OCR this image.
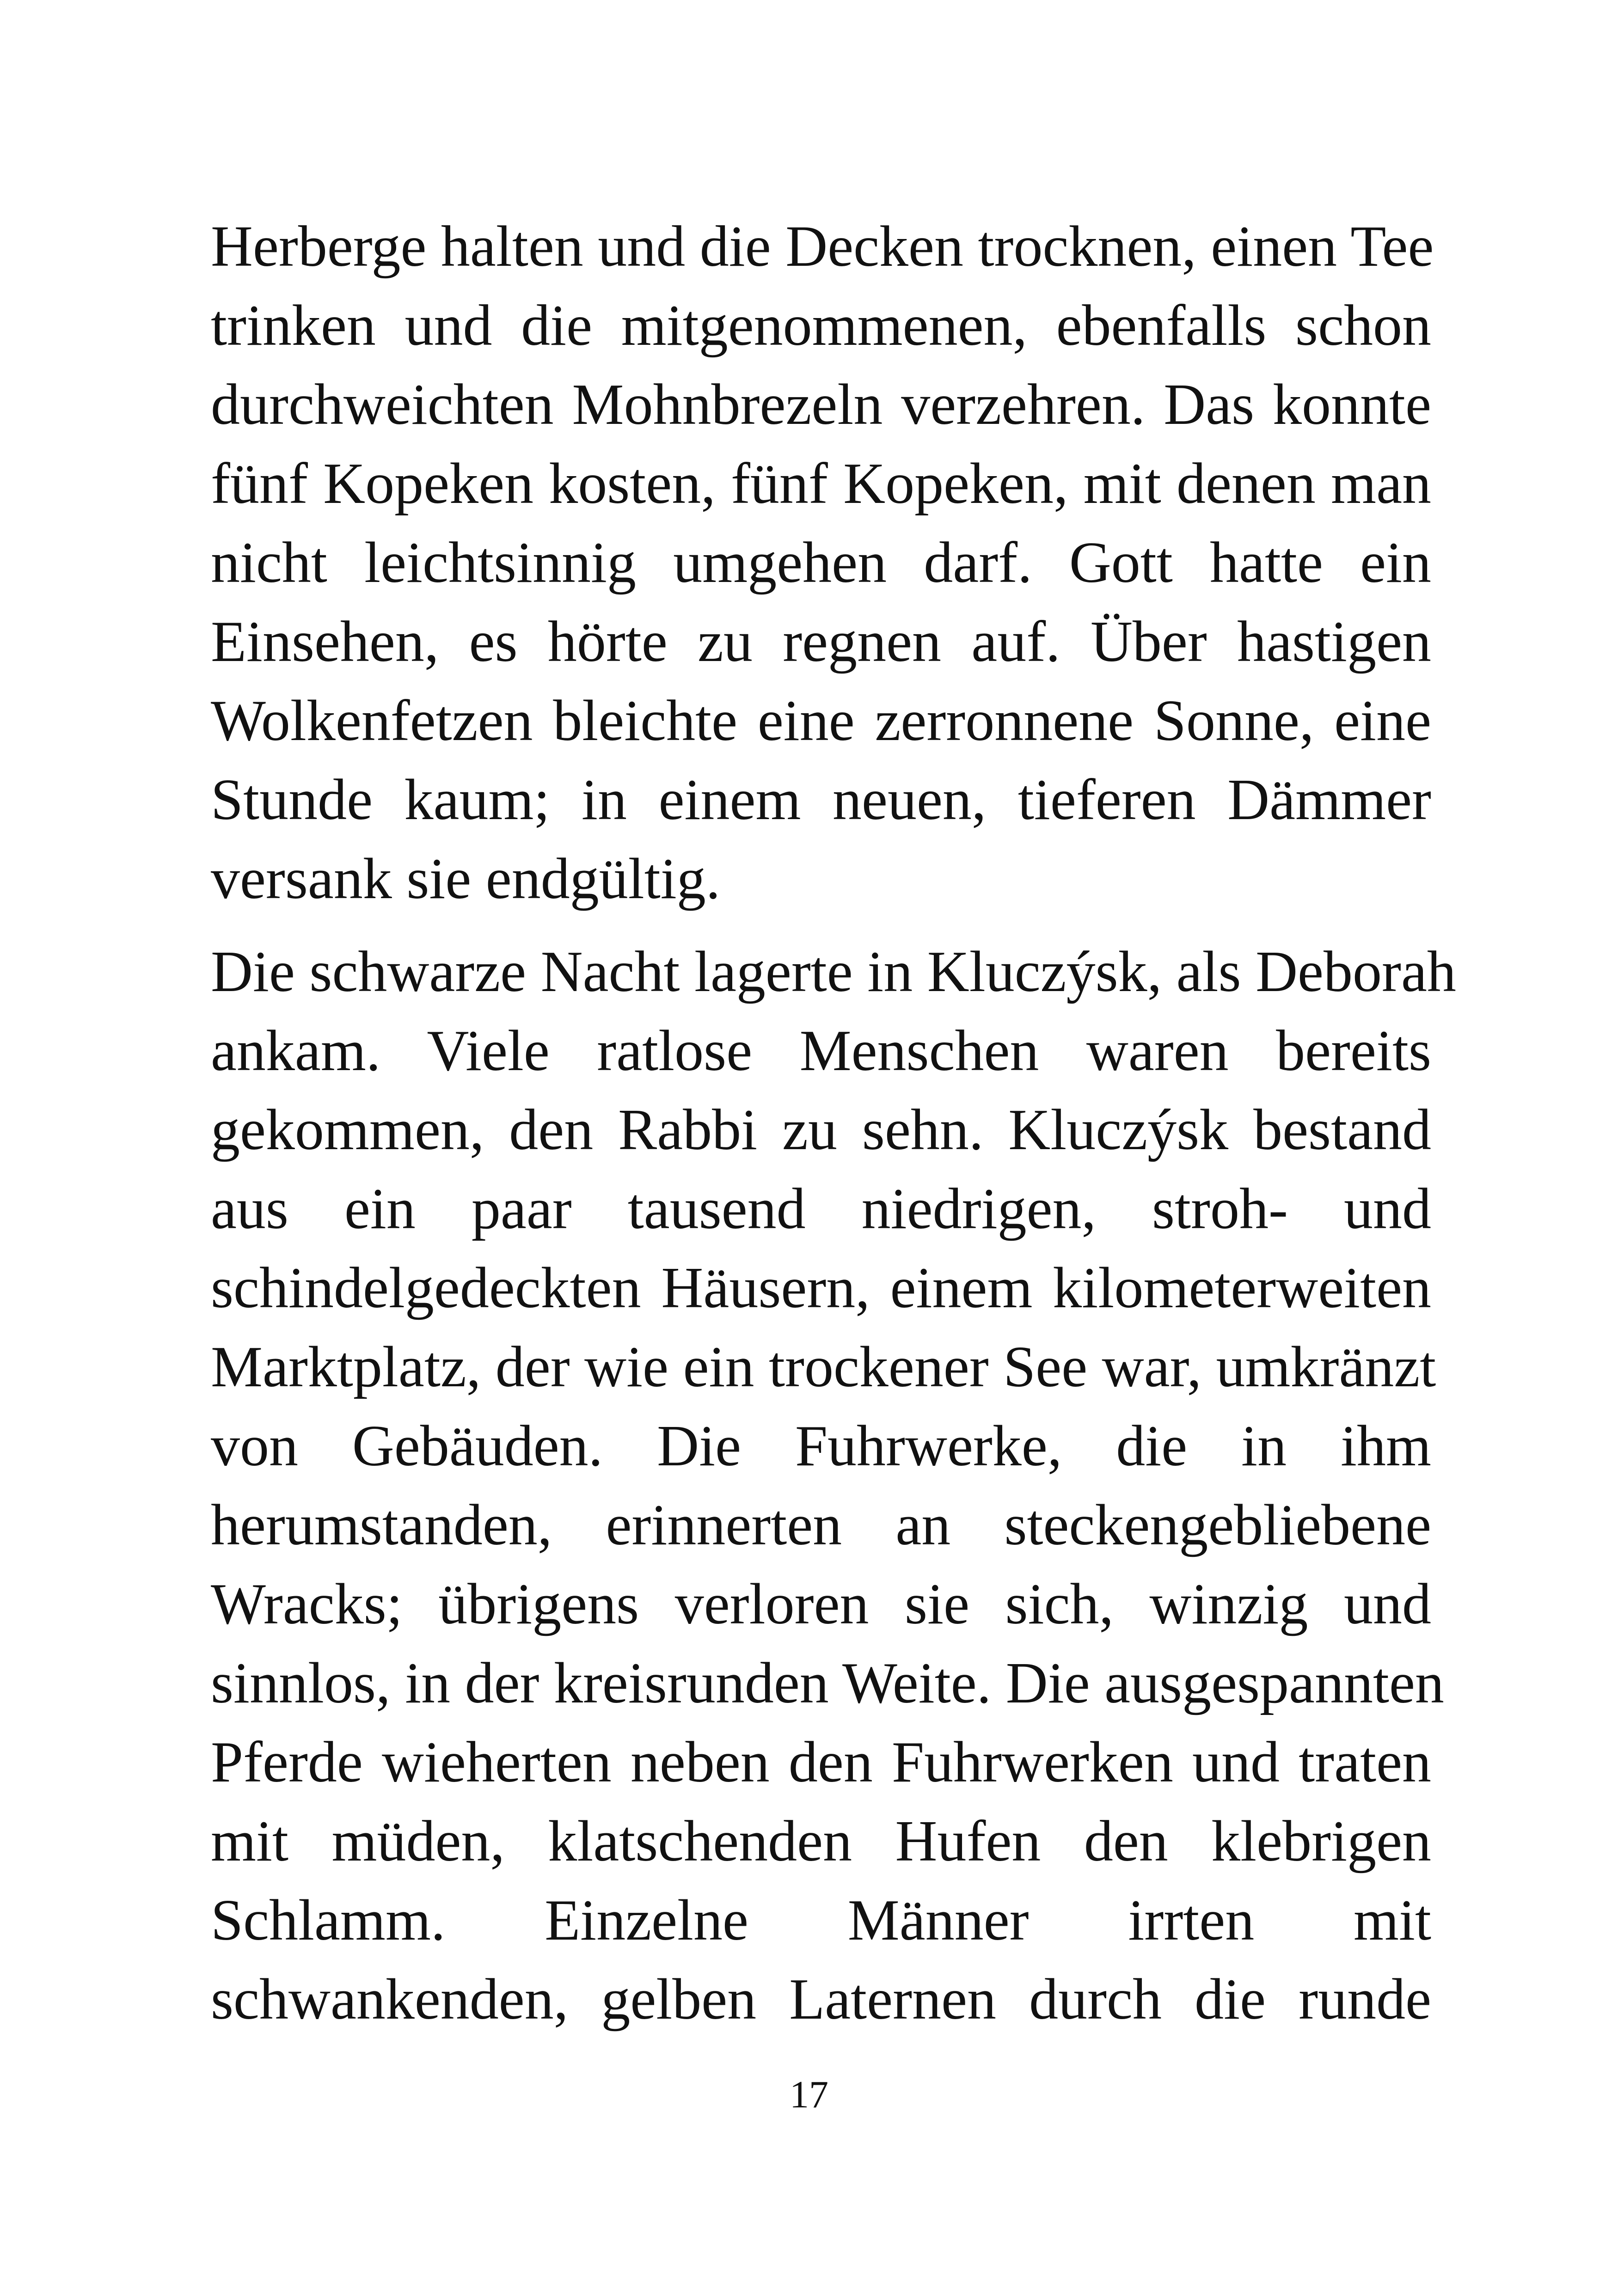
Herberge halten und die Decken trocknen, einen Tee
trinken und die mitgenommenen, ebenfalls schon
durchweichten Mohnbrezeln verzehren. Das konnte
fünf Kopeken kosten, fünf Kopeken, mit denen man
nicht leichtsinnig umgehen darf. Gott hatte ein
Einsehen, es hörte zu regnen auf. Über hastigen
Wolkenfetzen bleichte eine zerronnene Sonne, eine
Stunde kaum; in einem neuen, tieferen Dämmer
versank sie endgültig.

Die schwarze Nacht lagerte in Kluczýsk, als Deborah
ankam. Viele ratlose Menschen waren bereits
gekommen, den Rabbi zu sehn. Kluczýsk bestand
aus ein paar tausend niedrigen, stroh- und
schindelgedeckten Häusern, einem kilometerweiten
Marktplatz, der wie ein trockener See war, umkränzt
von Gebäuden. Die Fuhrwerke, die in ihm
herumstanden, erinnerten an steckengebliebene
Wracks; übrigens verloren sie sich, winzig und
sinnlos, in der kreisrunden Weite. Die ausgespannten
Pferde wieherten neben den Fuhrwerken und traten
mit müden, klatschenden Hufen den klebrigen
Schlamm. Einzelne Männer irrten mit
schwankenden, gelben Laternen durch die runde

17
